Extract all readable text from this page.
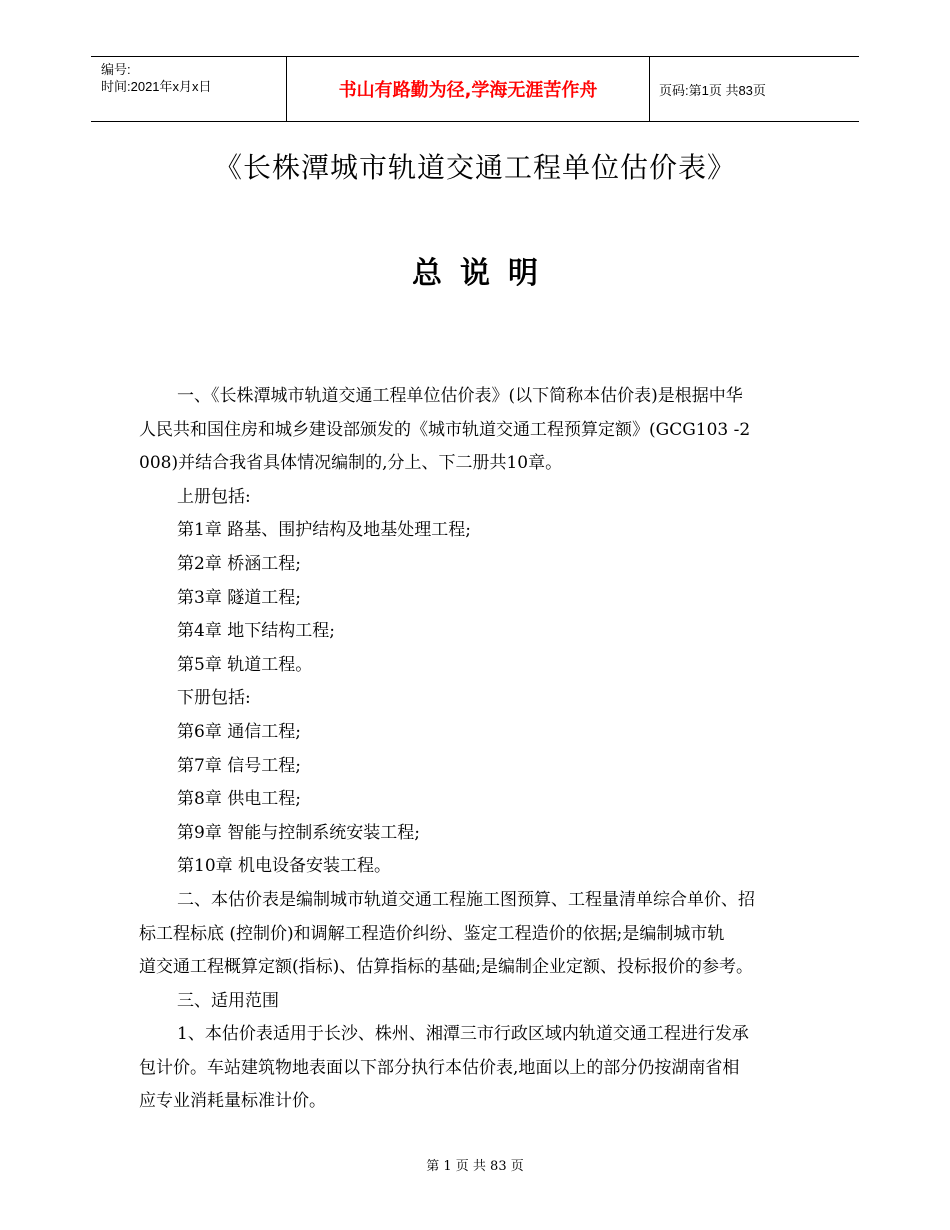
编号:
时间:2021年x月x日	书山有路勤为径,学海无涯苦作舟	页码:第1页 共83页
《长株潭城市轨道交通工程单位估价表》
总说明

一、《长株潭城市轨道交通工程单位估价表》(以下简称本估价表)是根据中华

人民共和国住房和城乡建设部颁发的《城市轨道交通工程预算定额》(GCG103 -2

008)并结合我省具体情况编制的,分上、下二册共10章。

上册包括:

第1章 路基、围护结构及地基处理工程;

第2章 桥涵工程;

第3章 隧道工程;

第4章 地下结构工程;

第5章 轨道工程。

下册包括:

第6章 通信工程;

第7章 信号工程;

第8章 供电工程;

第9章 智能与控制系统安装工程;

第10章 机电设备安装工程。

二、本估价表是编制城市轨道交通工程施工图预算、工程量清单综合单价、招

标工程标底 (控制价)和调解工程造价纠纷、鉴定工程造价的依据;是编制城市轨

道交通工程概算定额(指标)、估算指标的基础;是编制企业定额、投标报价的参考。

三、适用范围

1、本估价表适用于长沙、株州、湘潭三市行政区域内轨道交通工程进行发承

包计价。车站建筑物地表面以下部分执行本估价表,地面以上的部分仍按湖南省相

应专业消耗量标准计价。

第 1 页 共 83 页
